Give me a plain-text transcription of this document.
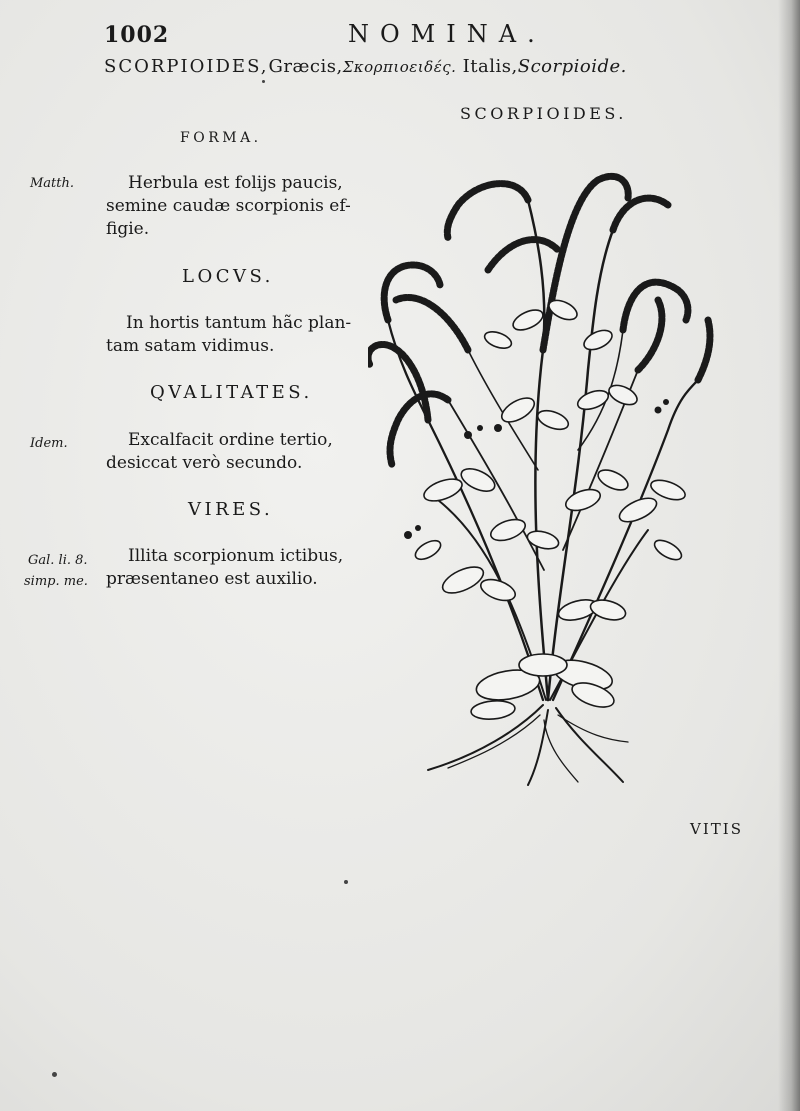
1002	NOMINA.
SCORPIOIDES,Græcis,Σκορπιοειδές. Italis,Scorpioide.
SCORPIOIDES.
FORMA.
Matth.	Herbula est folijs paucis,
semine caudæ scorpionis ef-
figie.
LOCVS.
In hortis tantum hãc plan-
tam satam vidimus.
QVALITATES.
Idem.	Excalfacit ordine tertio,
desiccat verò secundo.
VIRES.
Gal. li. 8.
simp. me.
Illita scorpionum ictibus,
præsentaneo est auxilio.
VITIS
